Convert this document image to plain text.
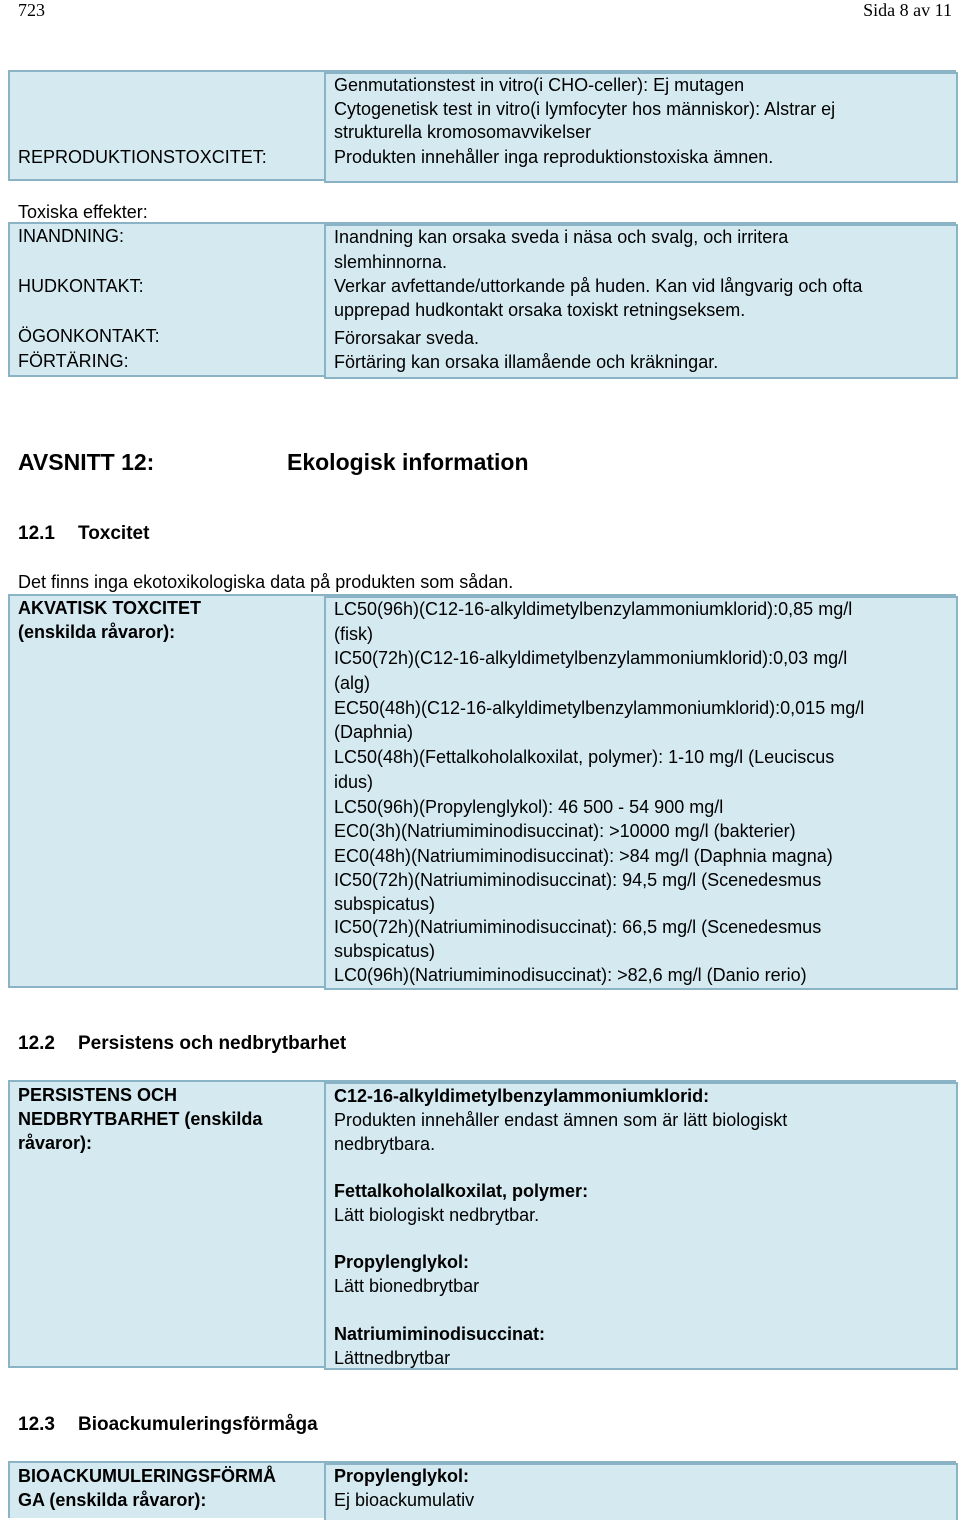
723	Sida 8 av 11
REPRODUKTIONSTOXCITET:
Genmutationstest in vitro(i CHO-celler): Ej mutagen
Cytogenetisk test in vitro(i lymfocyter hos människor): Alstrar ej
strukturella kromosomavvikelser
Produkten innehåller inga reproduktionstoxiska ämnen.
Toxiska effekter:
INANDNING:
HUDKONTAKT:
ÖGONKONTAKT:
FÖRTÄRING:
Inandning kan orsaka sveda i näsa och svalg, och irritera
slemhinnorna.
Verkar avfettande/uttorkande på huden. Kan vid långvarig och ofta
upprepad hudkontakt orsaka toxiskt retningseksem.
Förorsakar sveda.
Förtäring kan orsaka illamående och kräkningar.
AVSNITT 12:	Ekologisk information
12.1 Toxcitet
Det finns inga ekotoxikologiska data på produkten som sådan.
AKVATISK TOXCITET
(enskilda råvaror):
LC50(96h)(C12-16-alkyldimetylbenzylammoniumklorid):0,85 mg/l
(fisk)
IC50(72h)(C12-16-alkyldimetylbenzylammoniumklorid):0,03 mg/l
(alg)
EC50(48h)(C12-16-alkyldimetylbenzylammoniumklorid):0,015 mg/l
(Daphnia)
LC50(48h)(Fettalkoholalkoxilat, polymer): 1-10 mg/l (Leuciscus
idus)
LC50(96h)(Propylenglykol): 46 500 - 54 900 mg/l
EC0(3h)(Natriumiminodisuccinat): >10000 mg/l (bakterier)
EC0(48h)(Natriumiminodisuccinat): >84 mg/l (Daphnia magna)
IC50(72h)(Natriumiminodisuccinat): 94,5 mg/l (Scenedesmus
subspicatus)
IC50(72h)(Natriumiminodisuccinat): 66,5 mg/l (Scenedesmus
subspicatus)
LC0(96h)(Natriumiminodisuccinat): >82,6 mg/l (Danio rerio)
12.2 Persistens och nedbrytbarhet
PERSISTENS OCH
NEDBRYTBARHET (enskilda
råvaror):
C12-16-alkyldimetylbenzylammoniumklorid:
Produkten innehåller endast ämnen som är lätt biologiskt
nedbrytbara.
Fettalkoholalkoxilat, polymer:
Lätt biologiskt nedbrytbar.
Propylenglykol:
Lätt bionedbrytbar
Natriumiminodisuccinat:
Lättnedbrytbar
12.3 Bioackumuleringsförmåga
BIOACKUMULERINGSFÖRMÅ
GA (enskilda råvaror):
Propylenglykol:
Ej bioackumulativ
